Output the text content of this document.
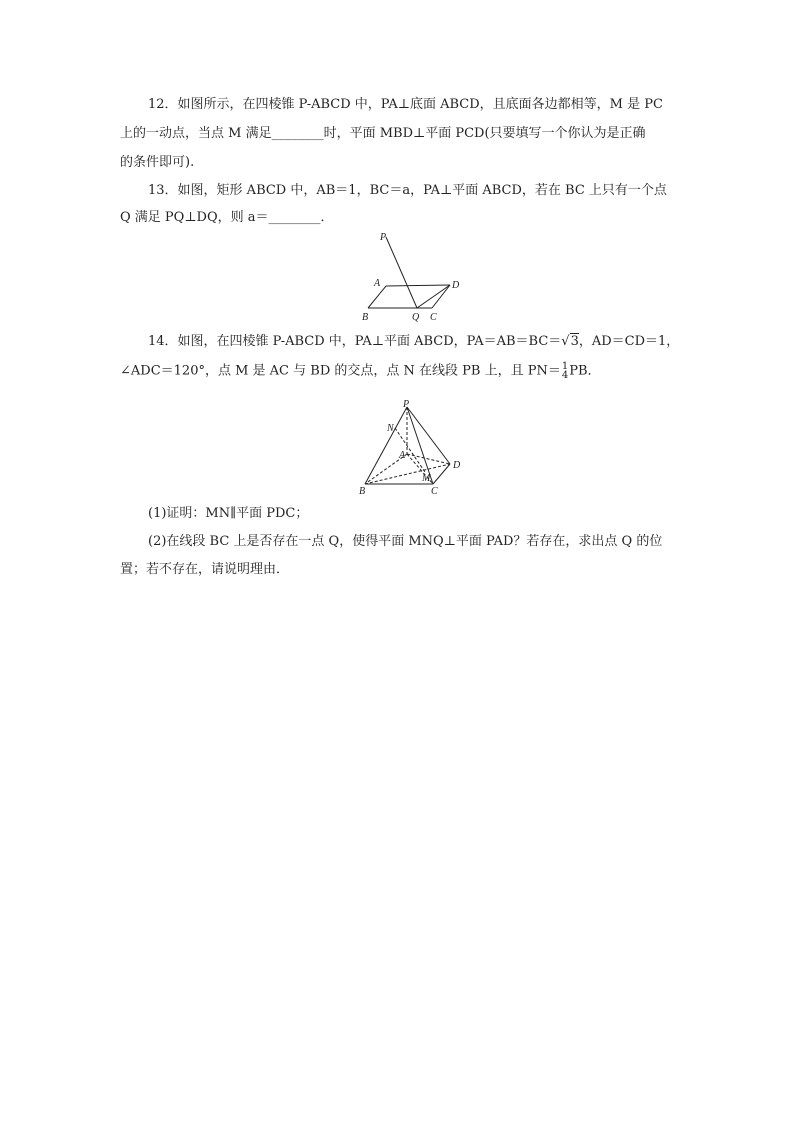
12．如图所示，在四棱锥 P-ABCD 中，PA⊥底面 ABCD，且底面各边都相等，M 是 PC
上的一动点，当点 M 满足________时，平面 MBD⊥平面 PCD(只要填写一个你认为是正确
的条件即可).
13．如图，矩形 ABCD 中，AB＝1，BC＝a，PA⊥平面 ABCD，若在 BC 上只有一个点
Q 满足 PQ⊥DQ，则 a＝________．
P
A	D
B	Q C
14．如图，在四棱锥 P-ABCD 中，PA⊥平面 ABCD，PA＝AB＝BC＝√3，AD＝CD＝1，
∠ADC＝120°，点 M 是 AC 与 BD 的交点，点 N 在线段 PB 上，且 PN＝ 1
4 PB．
P
N
A
D
M
B	C
(1)证明：MN∥平面 PDC；
(2)在线段 BC 上是否存在一点 Q，使得平面 MNQ⊥平面 PAD？若存在，求出点 Q 的位
置；若不存在，请说明理由．
